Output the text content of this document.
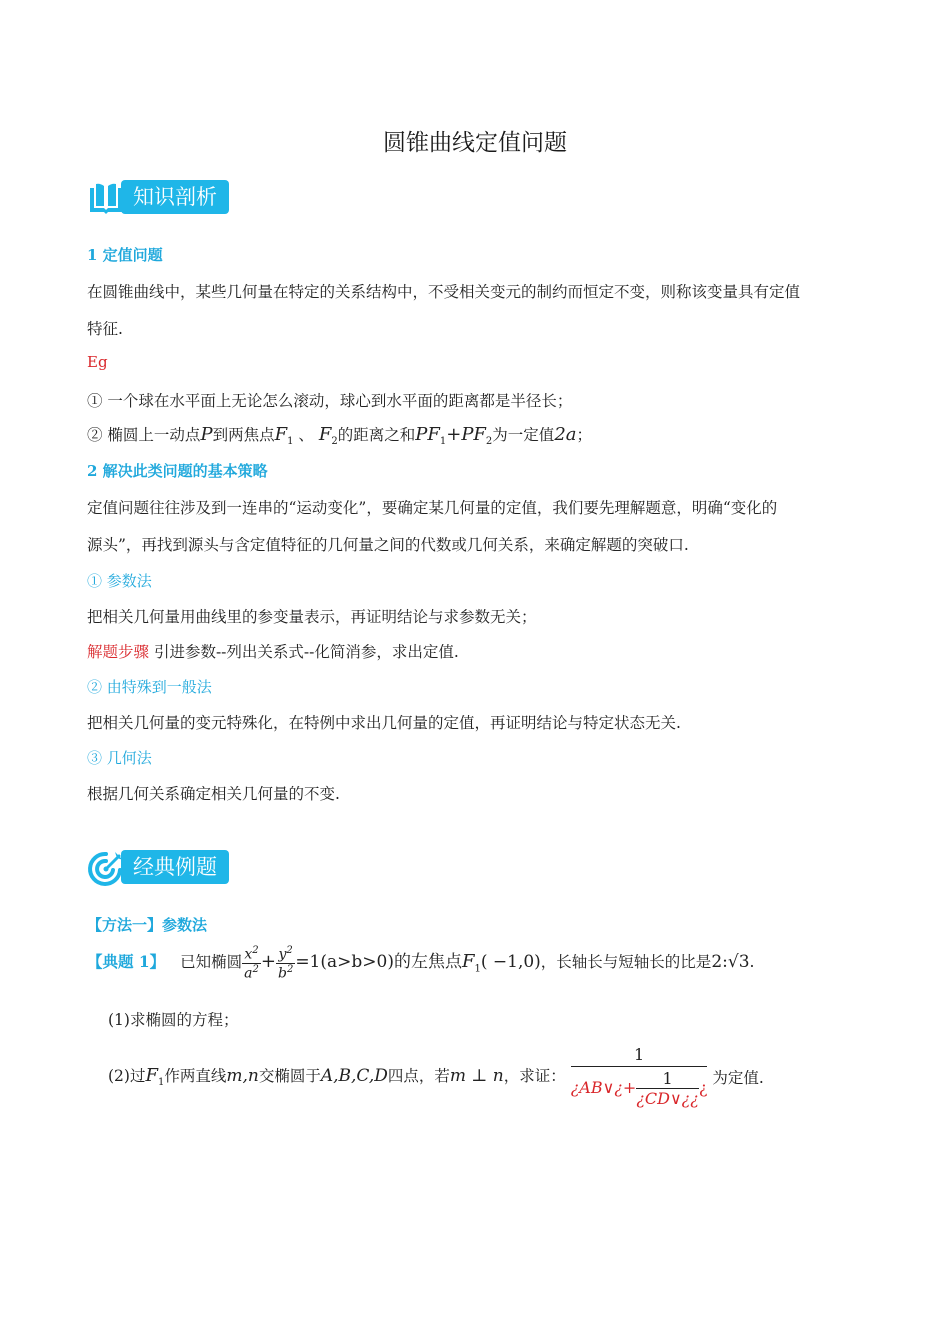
圆锥曲线定值问题
知识剖析
1 定值问题
在圆锥曲线中，某些几何量在特定的关系结构中，不受相关变元的制约而恒定不变，则称该变量具有定值
特征.
Eg
① 一个球在水平面上无论怎么滚动，球心到水平面的距离都是半径长；
② 椭圆上一动点P到两焦点$F_1$ 、 $F_2$的距离之和$PF_1+PF_2$为一定值2a；
2 解决此类问题的基本策略
定值问题往往涉及到一连串的“运动变化”，要确定某几何量的定值，我们要先理解题意，明确“变化的
源头”，再找到源头与含定值特征的几何量之间的代数或几何关系，来确定解题的突破口.
① 参数法
把相关几何量用曲线里的参变量表示，再证明结论与求参数无关；
解题步骤 引进参数--列出关系式--化简消参，求出定值.
② 由特殊到一般法
把相关几何量的变元特殊化，在特例中求出几何量的定值，再证明结论与特定状态无关.
③ 几何法
根据几何关系确定相关几何量的不变.
经典例题
【方法一】参数法
【典题 1】 已知椭圆 $\frac{x^2}{a^2} + \frac{y^2}{b^2} =1(a>b>0)$的左焦点$F_1( -1,0)$，长轴长与短轴长的比是2:√3.
(1)求椭圆的方程；
(2)过$F_1$作两直线m,n交椭圆于A,B,C,D四点，若m ⊥ n，求证： $\frac{1}{¿AB\vee¿+ \frac{1}{¿CD\vee¿¿} ¿}$ 为定值.
